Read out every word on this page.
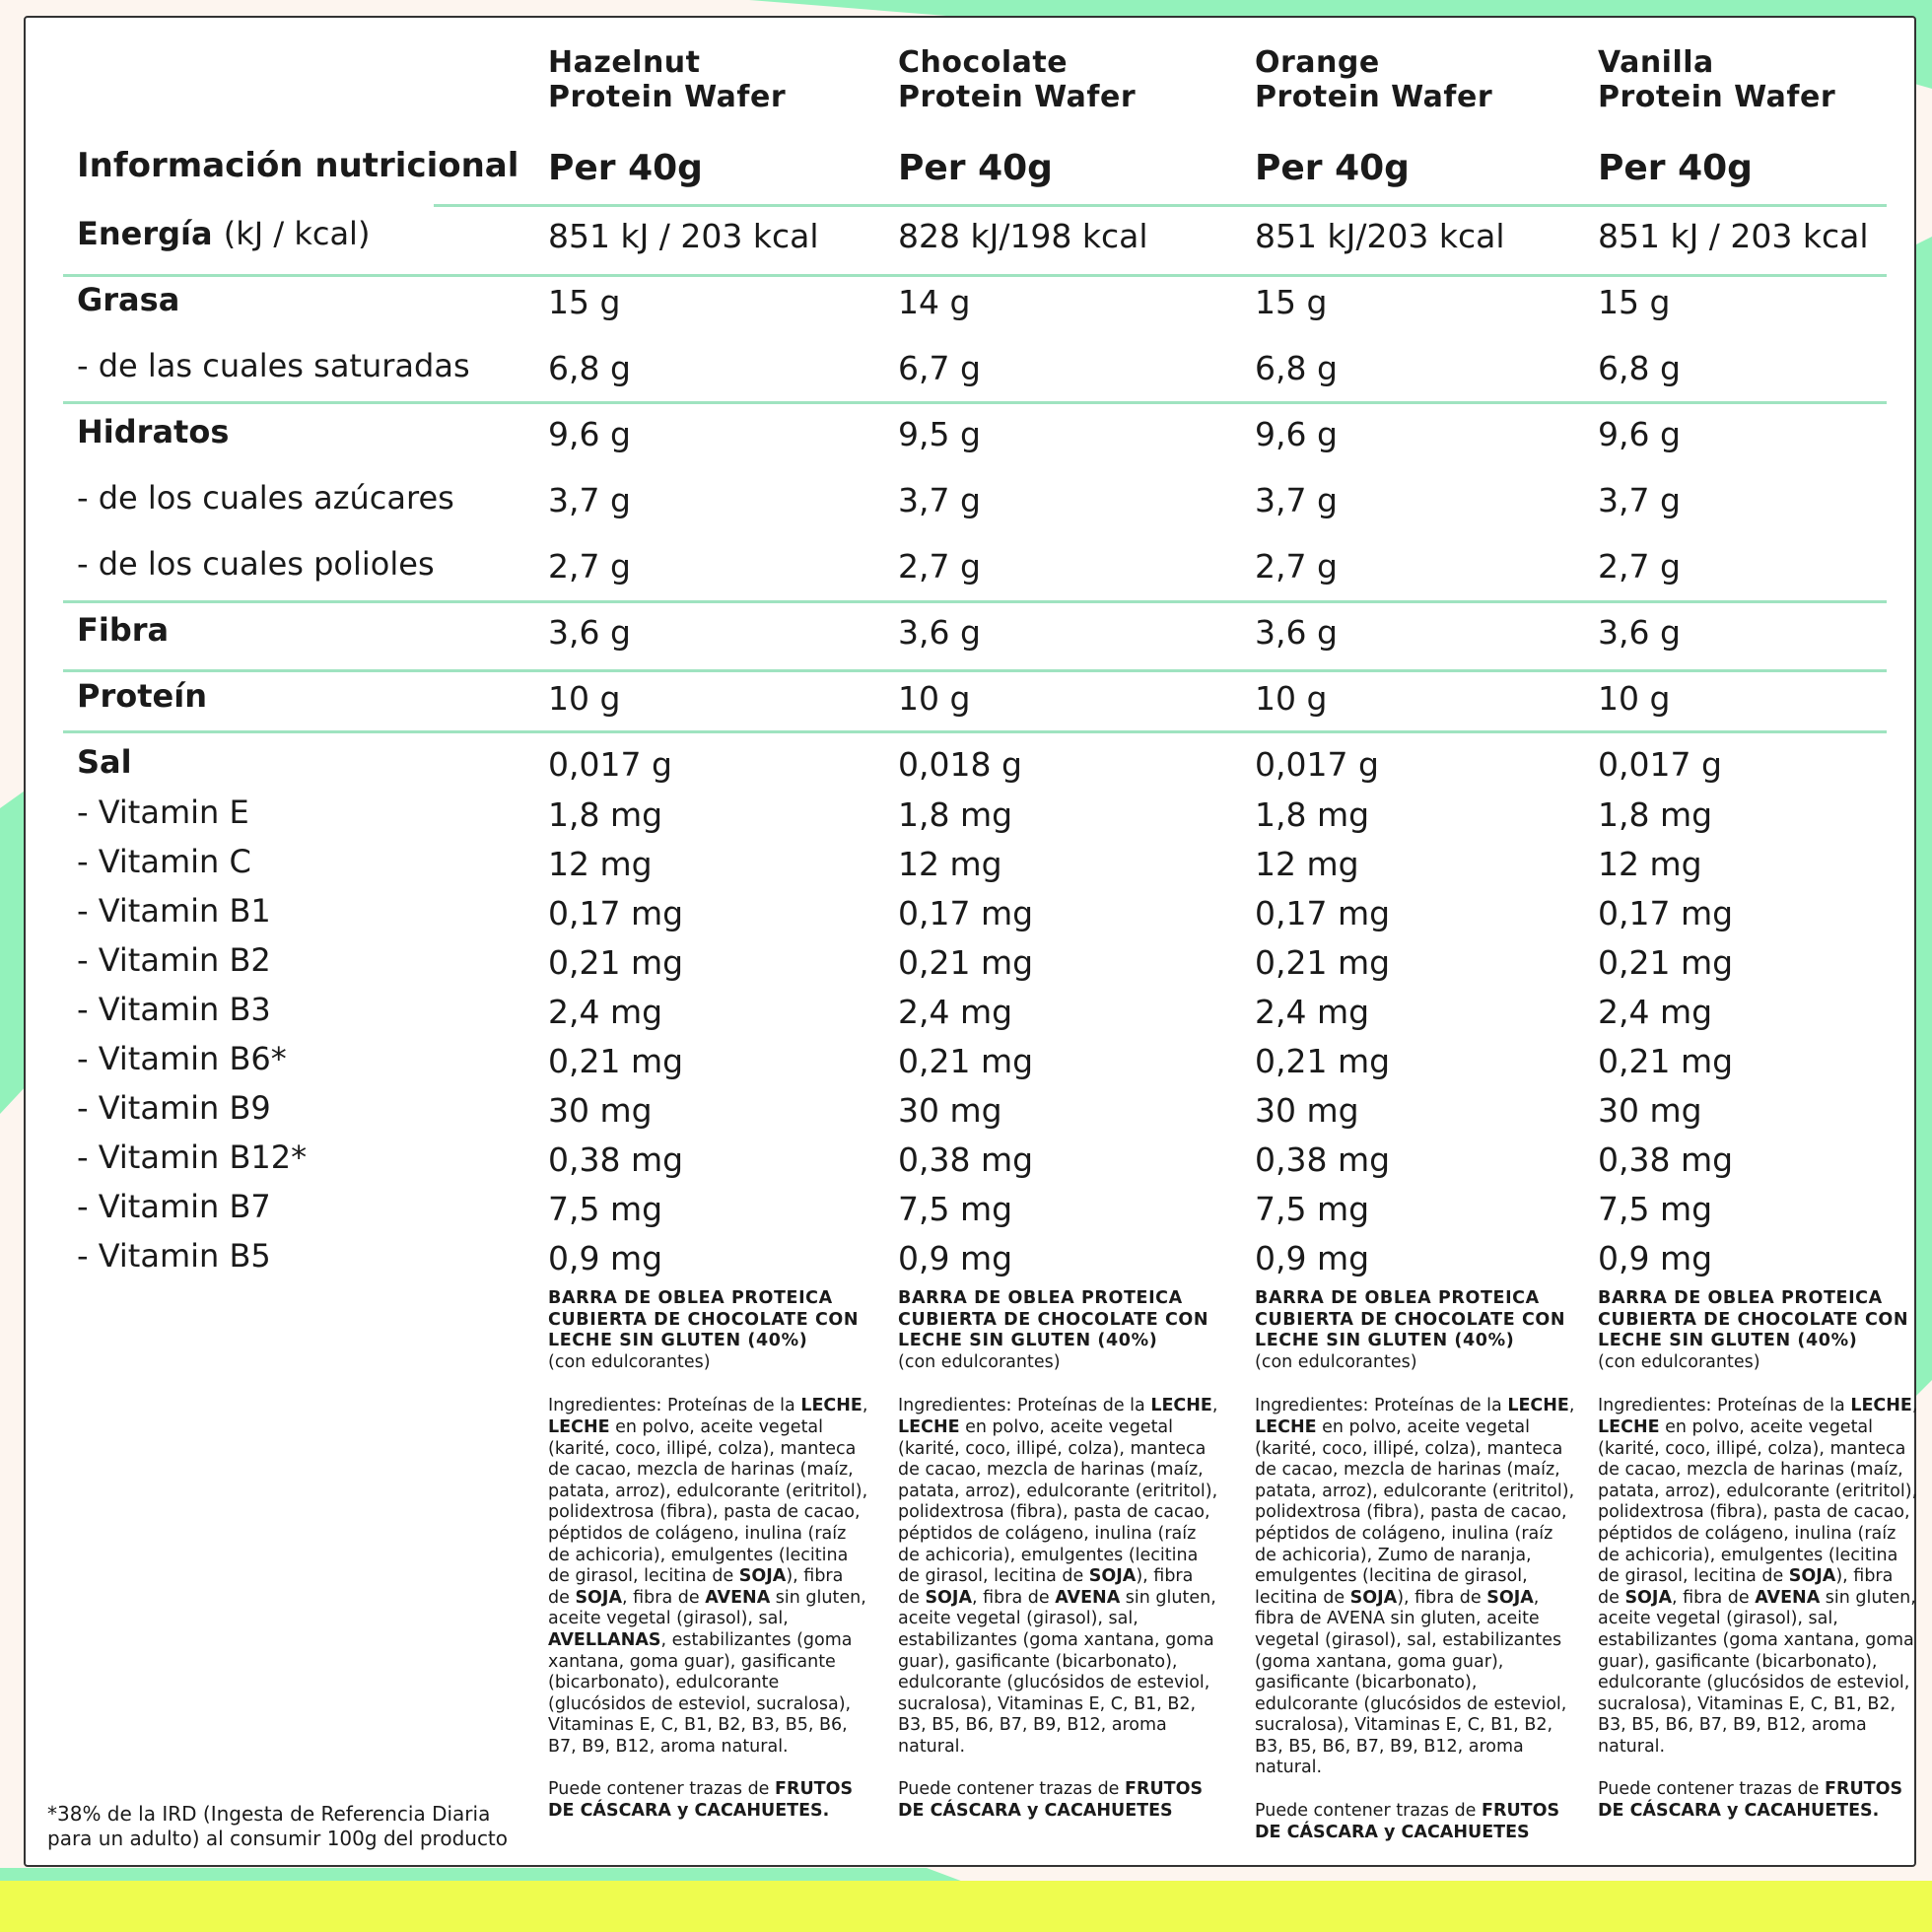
Información nutricional
Energía (kJ / kcal)
Grasa
- de las cuales saturadas
Hidratos
- de los cuales azúcares
- de los cuales polioles
Fibra
Proteín
Sal
- Vitamin E
- Vitamin C
- Vitamin B1
- Vitamin B2
- Vitamin B3
- Vitamin B6*
- Vitamin B9
- Vitamin B12*
- Vitamin B7
- Vitamin B5
Hazelnut
Protein Wafer
Per 40g
851 kJ / 203 kcal
15 g
6,8 g
9,6 g
3,7 g
2,7 g
3,6 g
10 g
0,017 g
1,8 mg
12 mg
0,17 mg
0,21 mg
2,4 mg
0,21 mg
30 mg
0,38 mg
7,5 mg
0,9 mg
BARRA DE OBLEA PROTEICA CUBIERTA DE CHOCOLATE CON LECHE SIN GLUTEN (40%)
(con edulcorantes)
Ingredientes: Proteínas de la LECHE, LECHE en polvo, aceite vegetal (karité, coco, illipé, colza), manteca de cacao, mezcla de harinas (maíz, patata, arroz), edulcorante (eritritol), polidextrosa (fibra), pasta de cacao, péptidos de colágeno, inulina (raíz de achicoria), emulgentes (lecitina de girasol, lecitina de SOJA), fibra de SOJA, fibra de AVENA sin gluten, aceite vegetal (girasol), sal, AVELLANAS, estabilizantes (goma xantana, goma guar), gasificante (bicarbonato), edulcorante (glucósidos de esteviol, sucralosa), Vitaminas E, C, B1, B2, B3, B5, B6, B7, B9, B12, aroma natural.
Puede contener trazas de FRUTOS DE CÁSCARA y CACAHUETES.
Chocolate
Protein Wafer
Per 40g
828 kJ/198 kcal
14 g
6,7 g
9,5 g
3,7 g
2,7 g
3,6 g
10 g
0,018 g
1,8 mg
12 mg
0,17 mg
0,21 mg
2,4 mg
0,21 mg
30 mg
0,38 mg
7,5 mg
0,9 mg
BARRA DE OBLEA PROTEICA CUBIERTA DE CHOCOLATE CON LECHE SIN GLUTEN (40%)
(con edulcorantes)
Ingredientes: Proteínas de la LECHE, LECHE en polvo, aceite vegetal (karité, coco, illipé, colza), manteca de cacao, mezcla de harinas (maíz, patata, arroz), edulcorante (eritritol), polidextrosa (fibra), pasta de cacao, péptidos de colágeno, inulina (raíz de achicoria), emulgentes (lecitina de girasol, lecitina de SOJA), fibra de SOJA, fibra de AVENA sin gluten, aceite vegetal (girasol), sal, estabilizantes (goma xantana, goma guar), gasificante (bicarbonato), edulcorante (glucósidos de esteviol, sucralosa), Vitaminas E, C, B1, B2, B3, B5, B6, B7, B9, B12, aroma natural.
Puede contener trazas de FRUTOS DE CÁSCARA y CACAHUETES
Orange
Protein Wafer
Per 40g
851 kJ/203 kcal
15 g
6,8 g
9,6 g
3,7 g
2,7 g
3,6 g
10 g
0,017 g
1,8 mg
12 mg
0,17 mg
0,21 mg
2,4 mg
0,21 mg
30 mg
0,38 mg
7,5 mg
0,9 mg
BARRA DE OBLEA PROTEICA CUBIERTA DE CHOCOLATE CON LECHE SIN GLUTEN (40%)
(con edulcorantes)
Ingredientes: Proteínas de la LECHE, LECHE en polvo, aceite vegetal (karité, coco, illipé, colza), manteca de cacao, mezcla de harinas (maíz, patata, arroz), edulcorante (eritritol), polidextrosa (fibra), pasta de cacao, péptidos de colágeno, inulina (raíz de achicoria), Zumo de naranja, emulgentes (lecitina de girasol, lecitina de SOJA), fibra de SOJA, fibra de AVENA sin gluten, aceite vegetal (girasol), sal, estabilizantes (goma xantana, goma guar), gasificante (bicarbonato), edulcorante (glucósidos de esteviol, sucralosa), Vitaminas E, C, B1, B2, B3, B5, B6, B7, B9, B12, aroma natural.
Puede contener trazas de FRUTOS DE CÁSCARA y CACAHUETES
Vanilla
Protein Wafer
Per 40g
851 kJ / 203 kcal
15 g
6,8 g
9,6 g
3,7 g
2,7 g
3,6 g
10 g
0,017 g
1,8 mg
12 mg
0,17 mg
0,21 mg
2,4 mg
0,21 mg
30 mg
0,38 mg
7,5 mg
0,9 mg
BARRA DE OBLEA PROTEICA CUBIERTA DE CHOCOLATE CON LECHE SIN GLUTEN (40%)
(con edulcorantes)
Ingredientes: Proteínas de la LECHE, LECHE en polvo, aceite vegetal (karité, coco, illipé, colza), manteca de cacao, mezcla de harinas (maíz, patata, arroz), edulcorante (eritritol), polidextrosa (fibra), pasta de cacao, péptidos de colágeno, inulina (raíz de achicoria), emulgentes (lecitina de girasol, lecitina de SOJA), fibra de SOJA, fibra de AVENA sin gluten, aceite vegetal (girasol), sal, estabilizantes (goma xantana, goma guar), gasificante (bicarbonato), edulcorante (glucósidos de esteviol, sucralosa), Vitaminas E, C, B1, B2, B3, B5, B6, B7, B9, B12, aroma natural.
Puede contener trazas de FRUTOS DE CÁSCARA y CACAHUETES.
*38% de la IRD (Ingesta de Referencia Diaria para un adulto) al consumir 100g del producto
